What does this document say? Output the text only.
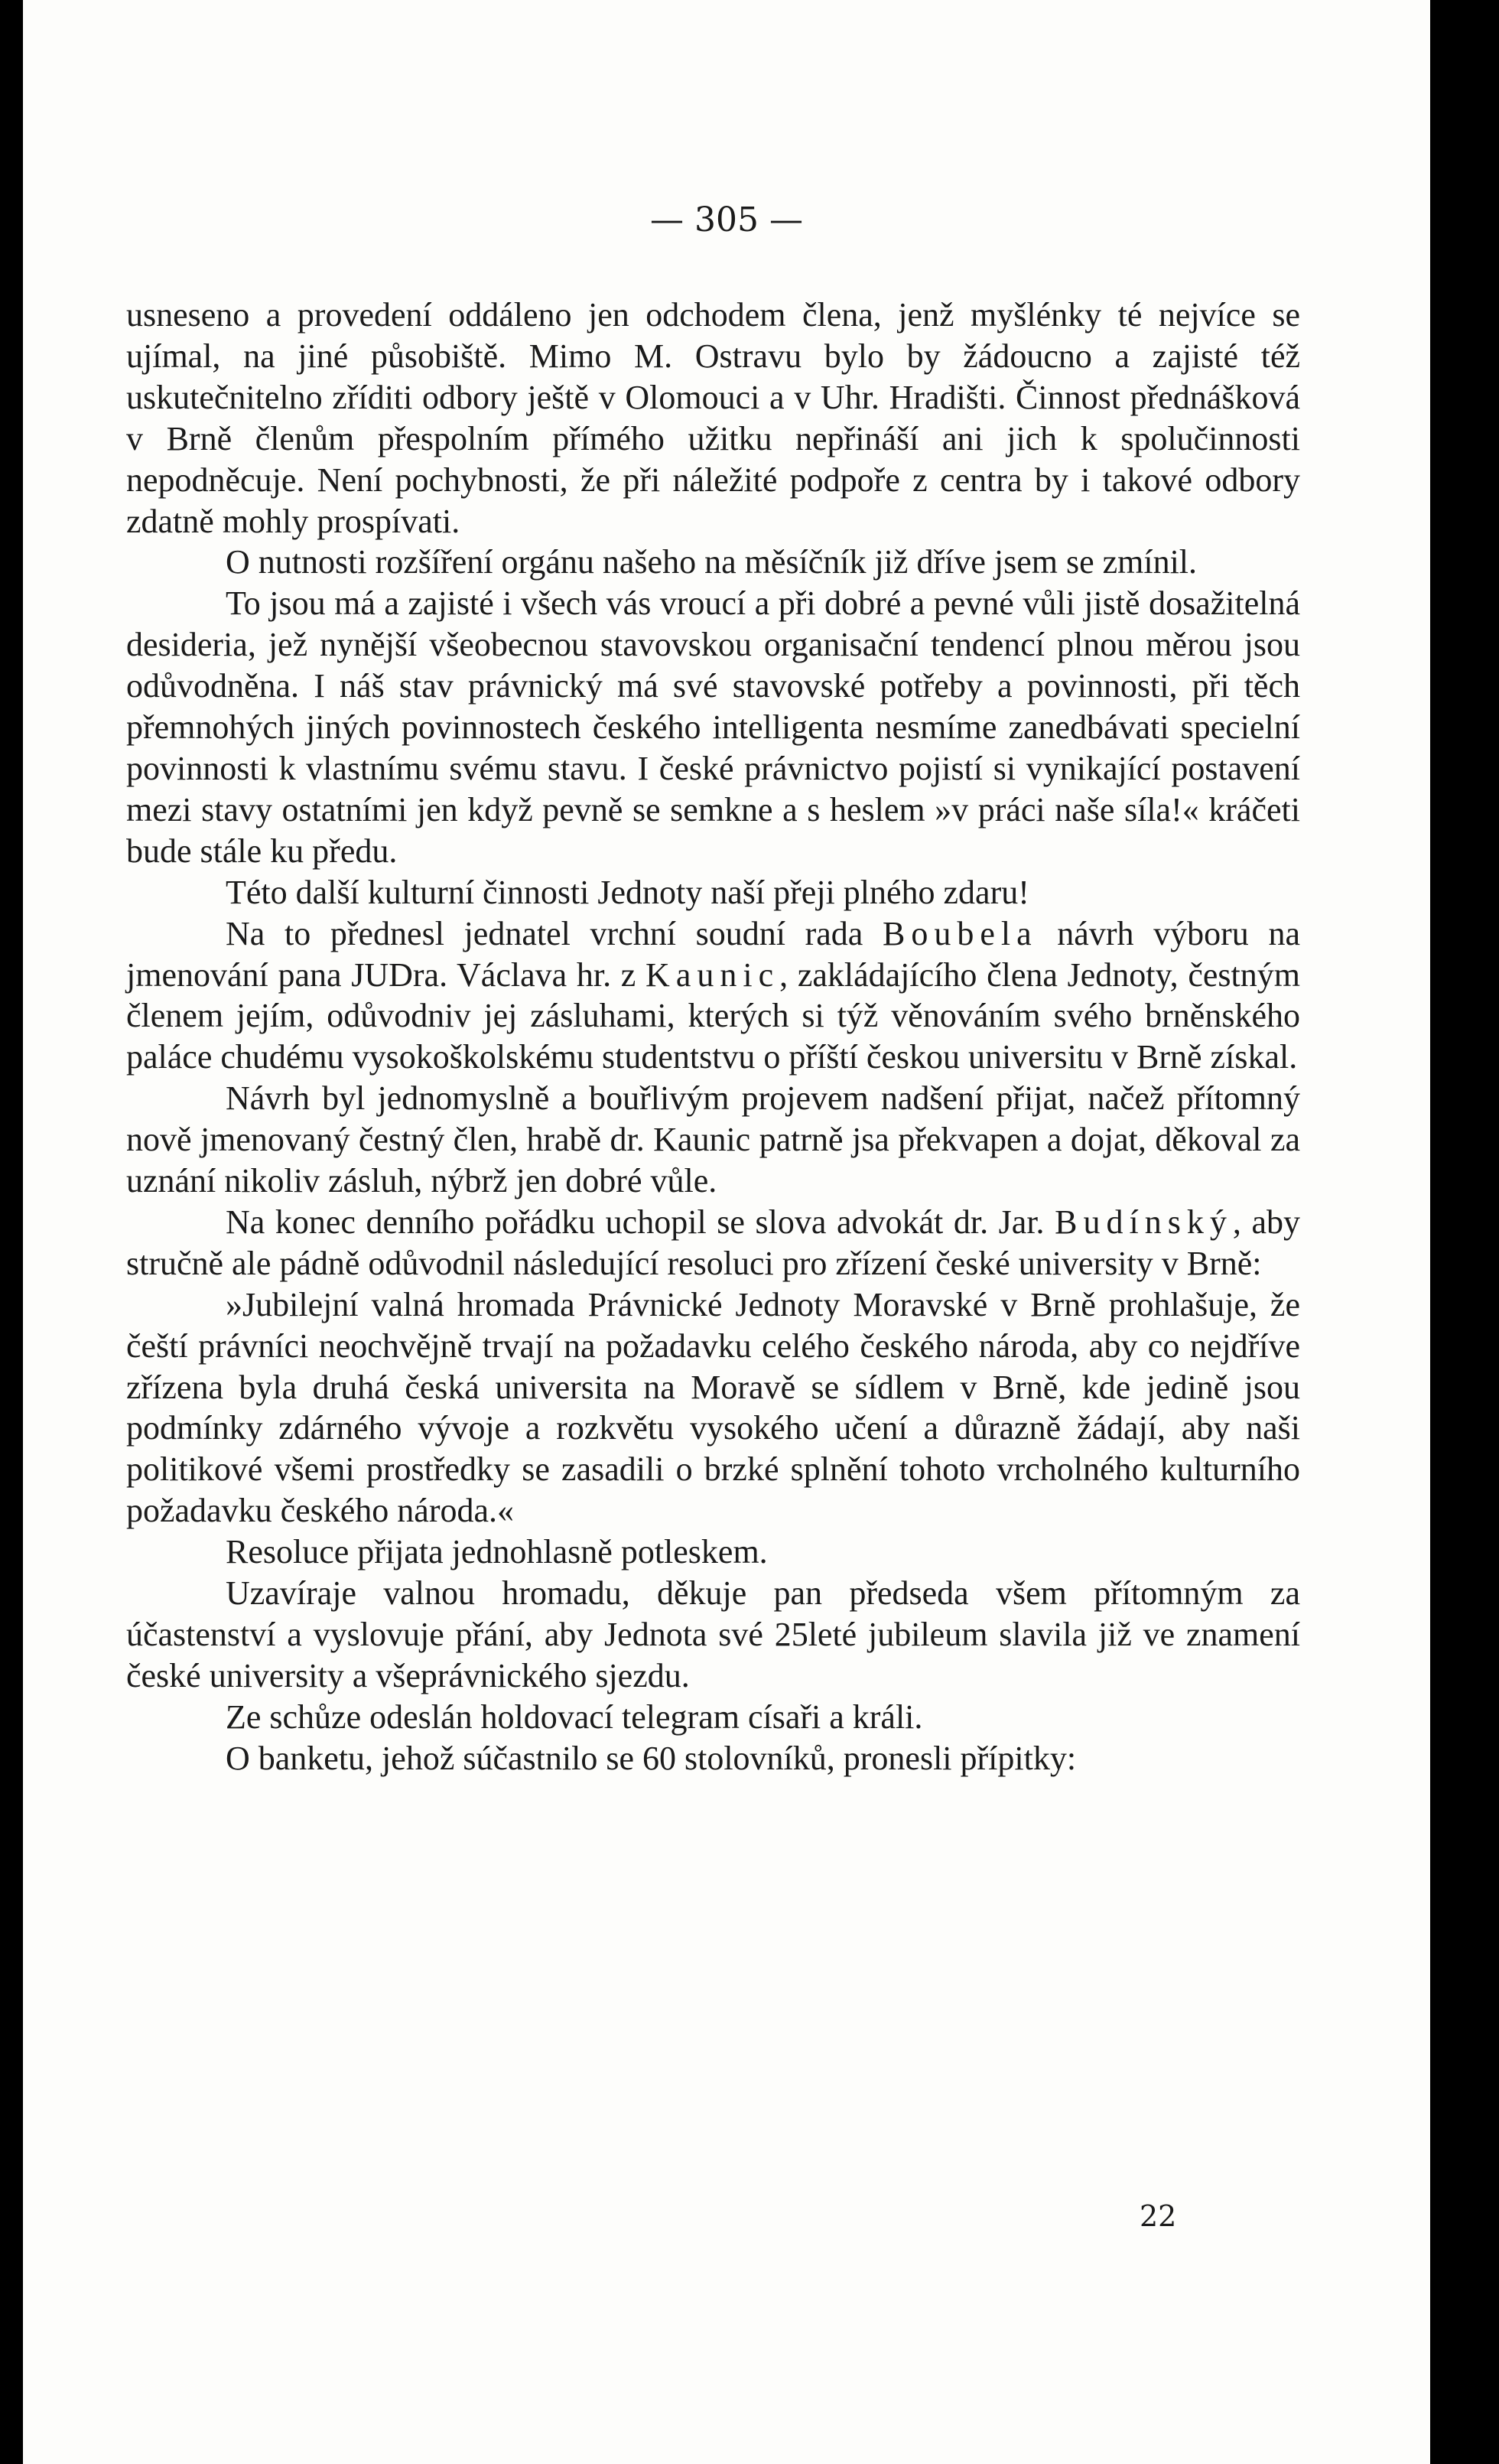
— 305 —

usneseno a provedení oddáleno jen odchodem člena, jenž myšlénky té nejvíce se ujímal, na jiné působiště. Mimo M. Ostravu bylo by žádoucno a zajisté též uskutečnitelno zříditi odbory ještě v Olomouci a v Uhr. Hradišti. Činnost přednášková v Brně členům přespolním přímého užitku nepřináší ani jich k spolučinnosti nepodněcuje. Není pochybnosti, že při náležité podpoře z centra by i takové odbory zdatně mohly prospívati.

O nutnosti rozšíření orgánu našeho na měsíčník již dříve jsem se zmínil.

To jsou má a zajisté i všech vás vroucí a při dobré a pevné vůli jistě dosažitelná desideria, jež nynější všeobecnou stavovskou organisační tendencí plnou měrou jsou odůvodněna. I náš stav právnický má své stavovské potřeby a povinnosti, při těch přemnohých jiných povinnostech českého intelligenta nesmíme zanedbávati specielní povinnosti k vlastnímu svému stavu. I české právnictvo pojistí si vynikající postavení mezi stavy ostatními jen když pevně se semkne a s heslem »v práci naše síla!« kráčeti bude stále ku předu.

Této další kulturní činnosti Jednoty naší přeji plného zdaru!

Na to přednesl jednatel vrchní soudní rada Boubela návrh výboru na jmenování pana JUDra. Václava hr. z Kaunic, zakládajícího člena Jednoty, čestným členem jejím, odůvodniv jej zásluhami, kterých si týž věnováním svého brněnského paláce chudému vysokoškolskému studentstvu o příští českou universitu v Brně získal.

Návrh byl jednomyslně a bouřlivým projevem nadšení přijat, načež přítomný nově jmenovaný čestný člen, hrabě dr. Kaunic patrně jsa překvapen a dojat, děkoval za uznání nikoliv zásluh, nýbrž jen dobré vůle.

Na konec denního pořádku uchopil se slova advokát dr. Jar. Budínský, aby stručně ale pádně odůvodnil následující resoluci pro zřízení české university v Brně:

»Jubilejní valná hromada Právnické Jednoty Moravské v Brně prohlašuje, že čeští právníci neochvějně trvají na požadavku celého českého národa, aby co nejdříve zřízena byla druhá česká universita na Moravě se sídlem v Brně, kde jedině jsou podmínky zdárného vývoje a rozkvětu vysokého učení a důrazně žádají, aby naši politikové všemi prostředky se zasadili o brzké splnění tohoto vrcholného kulturního požadavku českého národa.«

Resoluce přijata jednohlasně potleskem.

Uzavíraje valnou hromadu, děkuje pan předseda všem přítomným za účastenství a vyslovuje přání, aby Jednota své 25leté jubileum slavila již ve znamení české university a všeprávnického sjezdu.

Ze schůze odeslán holdovací telegram císaři a králi.

O banketu, jehož súčastnilo se 60 stolovníků, pronesli přípitky:

22
